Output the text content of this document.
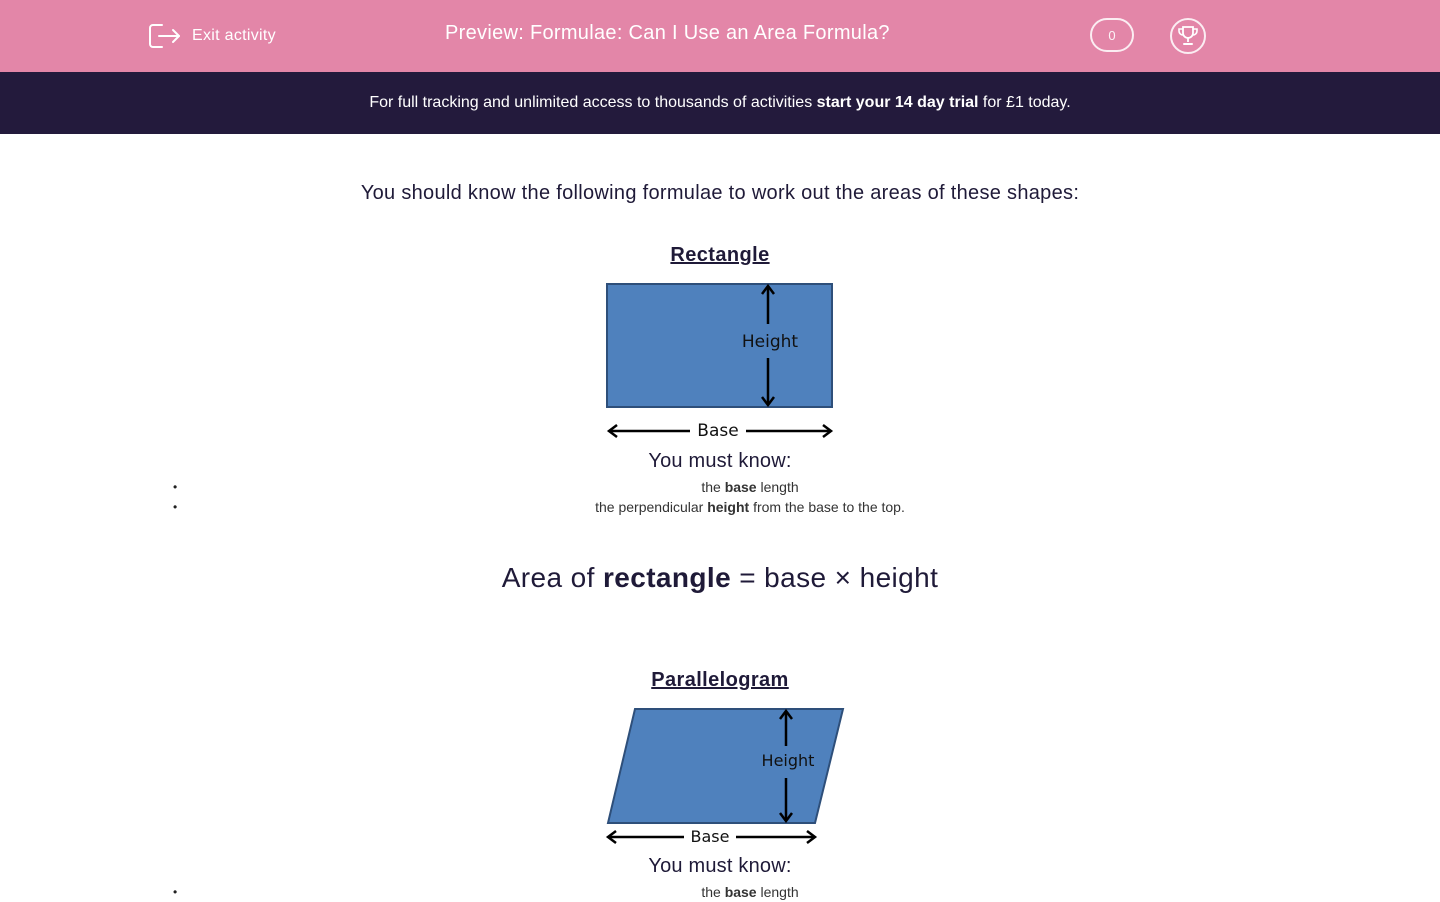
Exit activity	Preview: Formulae: Can I Use an Area Formula?	0
For full tracking and unlimited access to thousands of activities start your 14 day trial for £1 today.
You should know the following formulae to work out the areas of these shapes:
Rectangle
Height
Base
You must know:
• the base length
• the perpendicular height from the base to the top.
Area of rectangle = base × height
Parallelogram
Height
Base
You must know:
• the base length
